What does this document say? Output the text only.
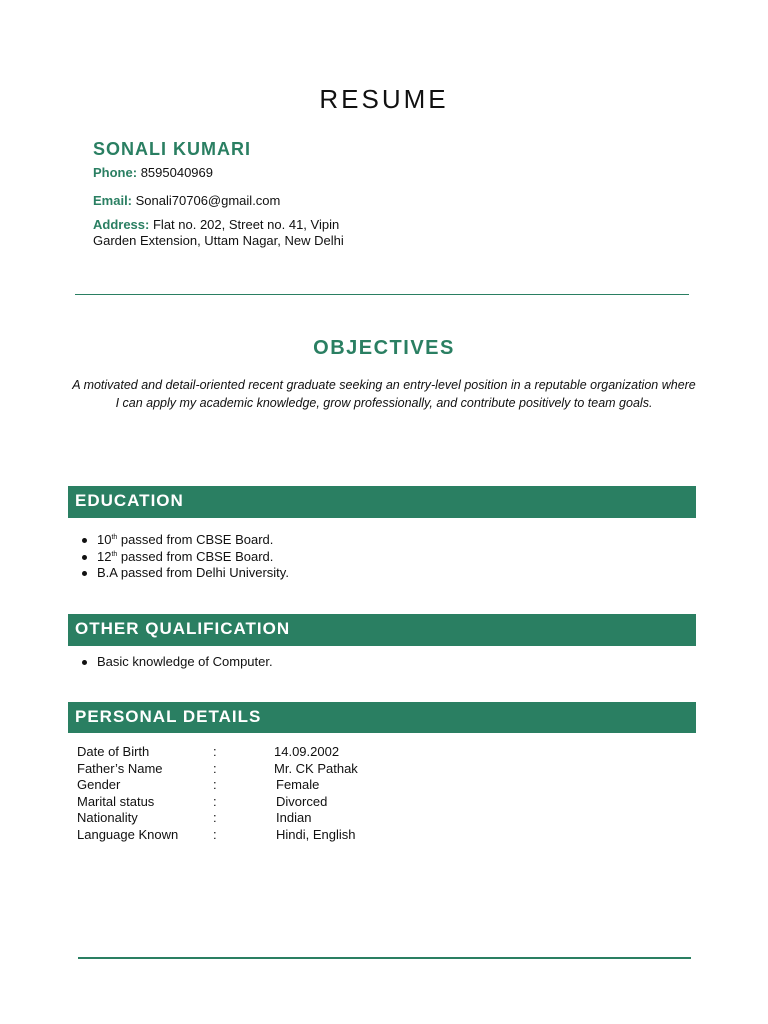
RESUME
SONALI KUMARI
Phone: 8595040969
Email: Sonali70706@gmail.com
Address: Flat no. 202, Street no. 41, Vipin Garden Extension, Uttam Nagar, New Delhi
OBJECTIVES
A motivated and detail-oriented recent graduate seeking an entry-level position in a reputable organization where I can apply my academic knowledge, grow professionally, and contribute positively to team goals.
EDUCATION
10th passed from CBSE Board.
12th passed from CBSE Board.
B.A passed from Delhi University.
OTHER QUALIFICATION
Basic knowledge of Computer.
PERSONAL DETAILS
Date of Birth	:	14.09.2002
Father’s Name	:	Mr. CK Pathak
Gender	:	Female
Marital status	:	Divorced
Nationality	:	Indian
Language Known	:	Hindi, English
